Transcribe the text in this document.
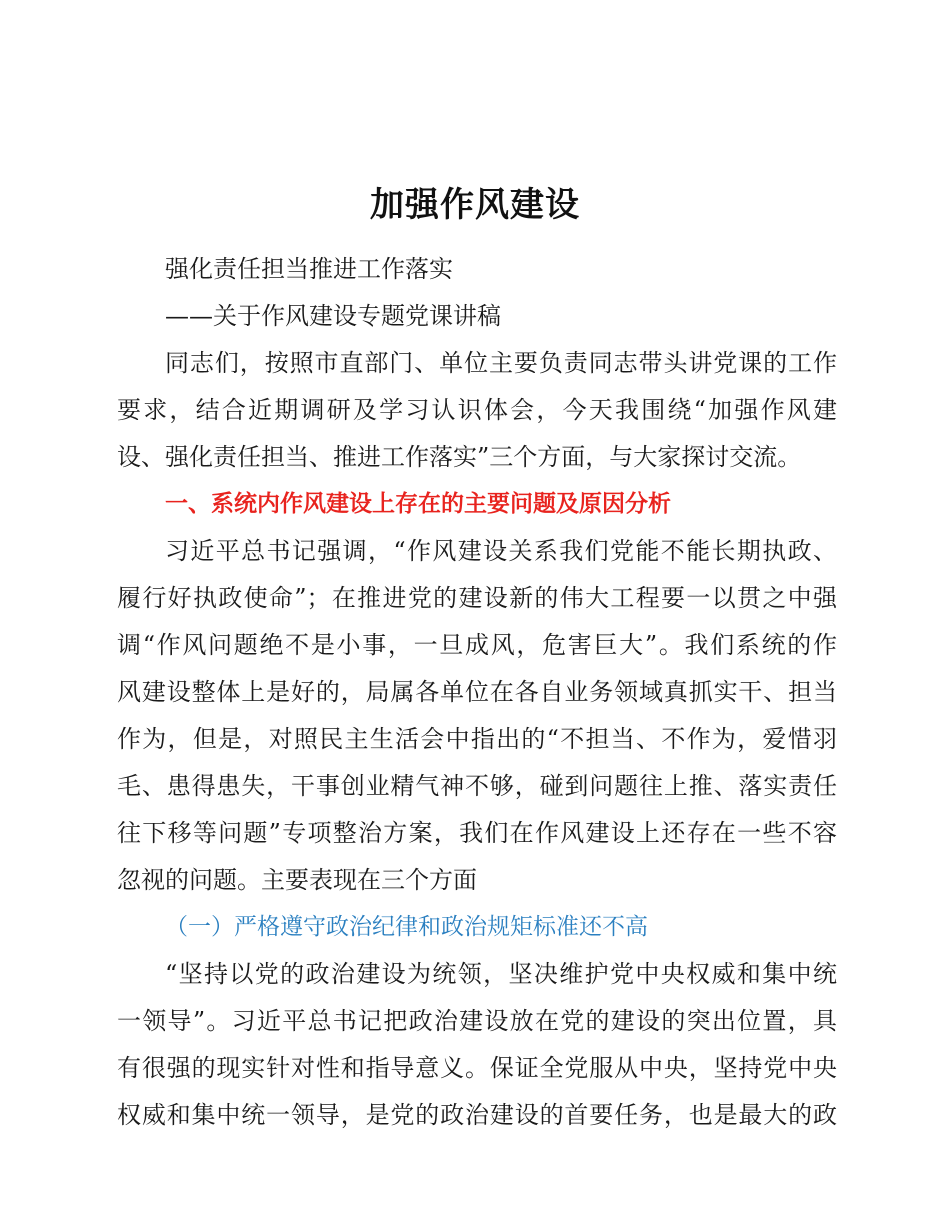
加强作风建设
强化责任担当推进工作落实
——关于作风建设专题党课讲稿
同志们，按照市直部门、单位主要负责同志带头讲党课的工作
要求，结合近期调研及学习认识体会，今天我围绕“加强作风建
设、强化责任担当、推进工作落实”三个方面，与大家探讨交流。
一、系统内作风建设上存在的主要问题及原因分析
习近平总书记强调，“作风建设关系我们党能不能长期执政、
履行好执政使命”；在推进党的建设新的伟大工程要一以贯之中强
调“作风问题绝不是小事，一旦成风，危害巨大”。我们系统的作
风建设整体上是好的，局属各单位在各自业务领域真抓实干、担当
作为，但是，对照民主生活会中指出的“不担当、不作为，爱惜羽
毛、患得患失，干事创业精气神不够，碰到问题往上推、落实责任
往下移等问题”专项整治方案，我们在作风建设上还存在一些不容
忽视的问题。主要表现在三个方面
（一）严格遵守政治纪律和政治规矩标准还不高
“坚持以党的政治建设为统领，坚决维护党中央权威和集中统
一领导”。习近平总书记把政治建设放在党的建设的突出位置，具
有很强的现实针对性和指导意义。保证全党服从中央，坚持党中央
权威和集中统一领导，是党的政治建设的首要任务，也是最大的政
